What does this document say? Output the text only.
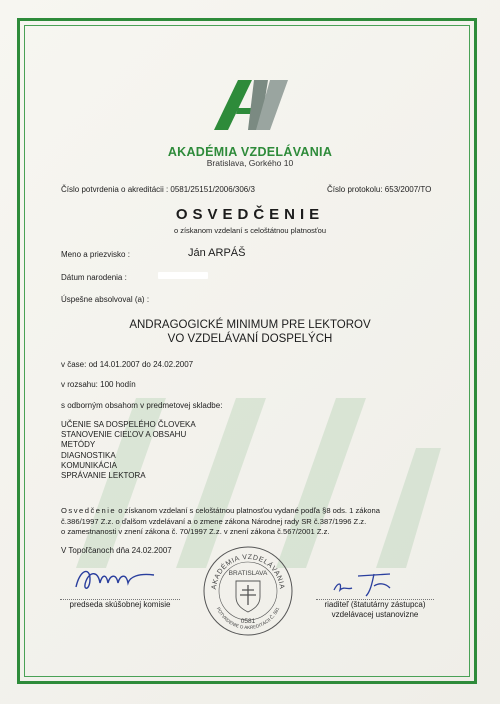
AKADÉMIA VZDELÁVANIA
Bratislava, Gorkého 10
Číslo potvrdenia o akreditácii : 0581/25151/2006/306/3	Číslo protokolu: 653/2007/TO
OSVEDČENIE
o získanom vzdelaní s celoštátnou platnosťou
Meno a priezvisko :	Ján ARPÁŠ
Dátum narodenia :
Úspešne absolvoval (a) :
ANDRAGOGICKÉ MINIMUM PRE LEKTOROV
VO VZDELÁVANÍ DOSPELÝCH
v čase: od 14.01.2007 do 24.02.2007
v rozsahu: 100 hodín
s odborným obsahom v predmetovej skladbe:
UČENIE SA DOSPELÉHO ČLOVEKA
STANOVENIE CIEĽOV A OBSAHU
METÓDY
DIAGNOSTIKA
KOMUNIKÁCIA
SPRÁVANIE LEKTORA
Osvedčenie o získanom vzdelaní s celoštátnou platnosťou vydané podľa §8 ods. 1 zákona
č.386/1997 Z.z. o ďalšom vzdelávaní a o zmene zákona Národnej rady SR č.387/1996 Z.z.
o zamestnanosti v znení zákona č. 70/1997 Z.z. v znení zákona č.567/2001 Z.z.
V Topoľčanoch dňa 24.02.2007
AKADÉMIA VZDELÁVANIA
POTVRDENIE O AKREDITÁCII Č. 581
BRATISLAVA
0581
predseda skúšobnej komisie	riaditeľ (štatutárny zástupca)
vzdelávacej ustanovizne
